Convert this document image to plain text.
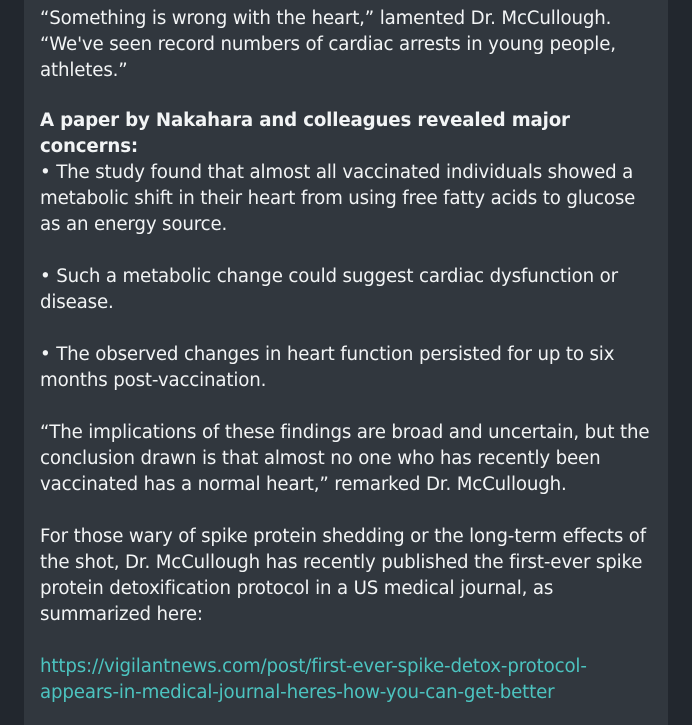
“Something is wrong with the heart,” lamented Dr. McCullough.
“We've seen record numbers of cardiac arrests in young people,
athletes.”

A paper by Nakahara and colleagues revealed major concerns:

• The study found that almost all vaccinated individuals showed a
metabolic shift in their heart from using free fatty acids to glucose
as an energy source.

• Such a metabolic change could suggest cardiac dysfunction or
disease.

• The observed changes in heart function persisted for up to six
months post-vaccination.

“The implications of these findings are broad and uncertain, but the
conclusion drawn is that almost no one who has recently been
vaccinated has a normal heart,” remarked Dr. McCullough.

For those wary of spike protein shedding or the long-term effects of
the shot, Dr. McCullough has recently published the first-ever spike
protein detoxification protocol in a US medical journal, as
summarized here:

https://vigilantnews.com/post/first-ever-spike-detox-protocol-
appears-in-medical-journal-heres-how-you-can-get-better
